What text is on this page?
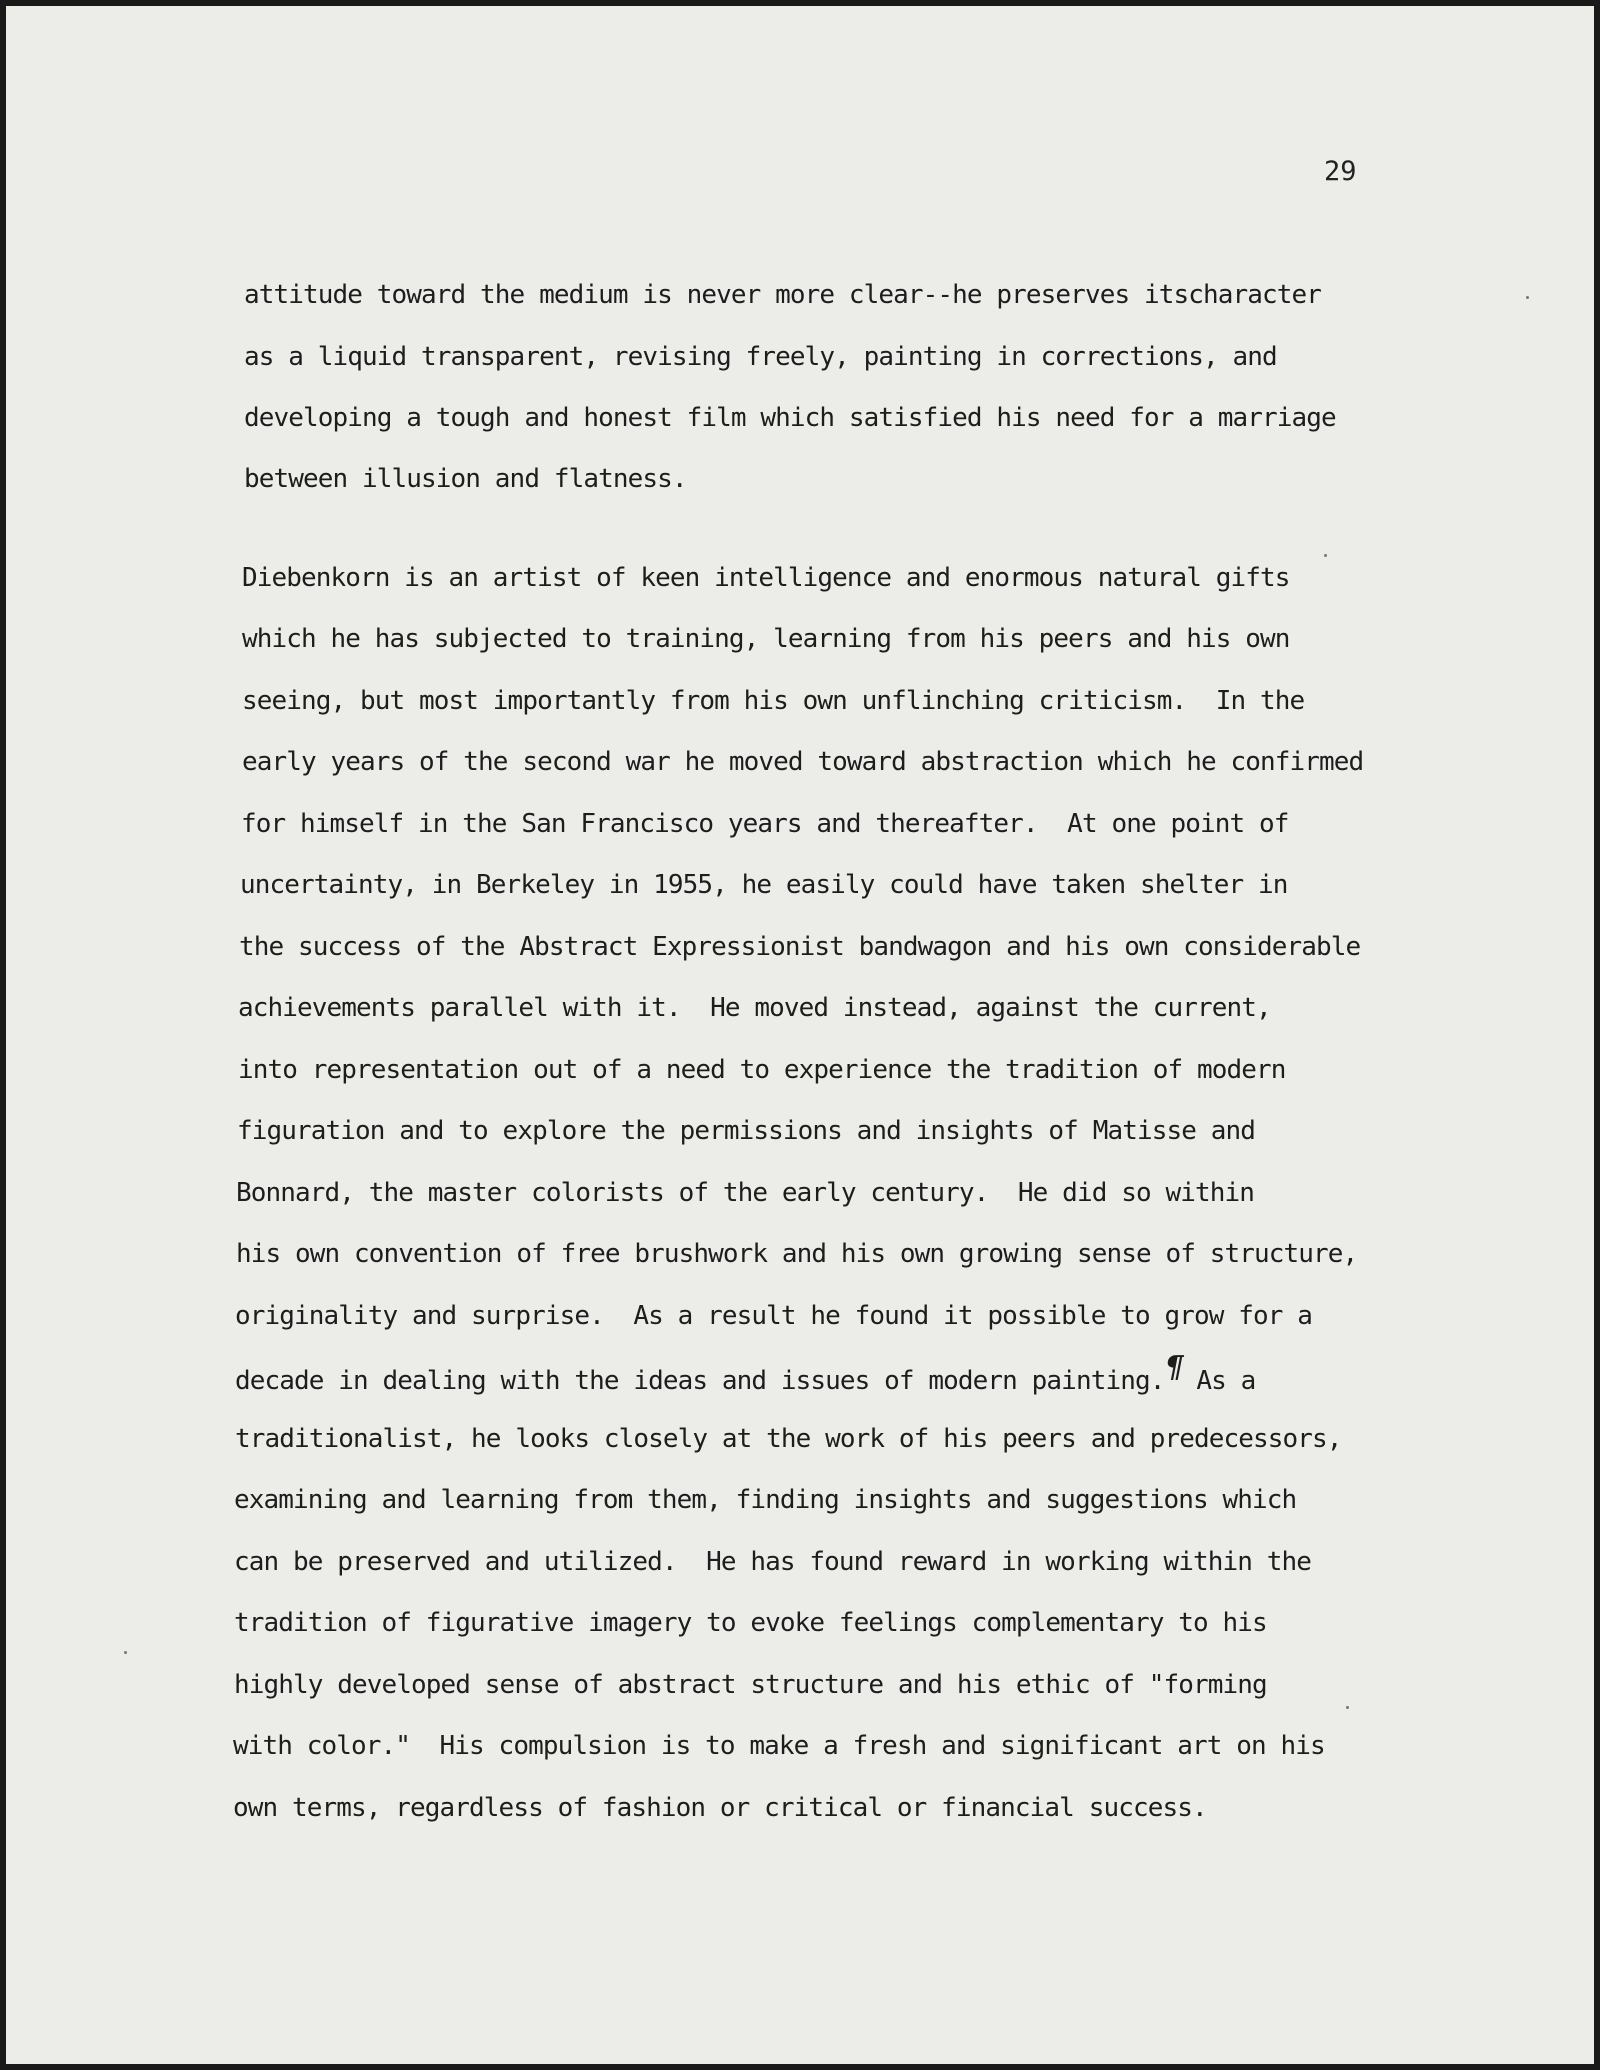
29
attitude toward the medium is never more clear--he preserves itscharacter
as a liquid transparent, revising freely, painting in corrections, and
developing a tough and honest film which satisfied his need for a marriage
between illusion and flatness.
Diebenkorn is an artist of keen intelligence and enormous natural gifts
which he has subjected to training, learning from his peers and his own
seeing, but most importantly from his own unflinching criticism.  In the
early years of the second war he moved toward abstraction which he confirmed
for himself in the San Francisco years and thereafter.  At one point of
uncertainty, in Berkeley in 1955, he easily could have taken shelter in
the success of the Abstract Expressionist bandwagon and his own considerable
achievements parallel with it.  He moved instead, against the current,
into representation out of a need to experience the tradition of modern
figuration and to explore the permissions and insights of Matisse and
Bonnard, the master colorists of the early century.  He did so within
his own convention of free brushwork and his own growing sense of structure,
originality and surprise.  As a result he found it possible to grow for a
decade in dealing with the ideas and issues of modern painting.¶ As a
traditionalist, he looks closely at the work of his peers and predecessors,
examining and learning from them, finding insights and suggestions which
can be preserved and utilized.  He has found reward in working within the
tradition of figurative imagery to evoke feelings complementary to his
highly developed sense of abstract structure and his ethic of "forming
with color."  His compulsion is to make a fresh and significant art on his
own terms, regardless of fashion or critical or financial success.
